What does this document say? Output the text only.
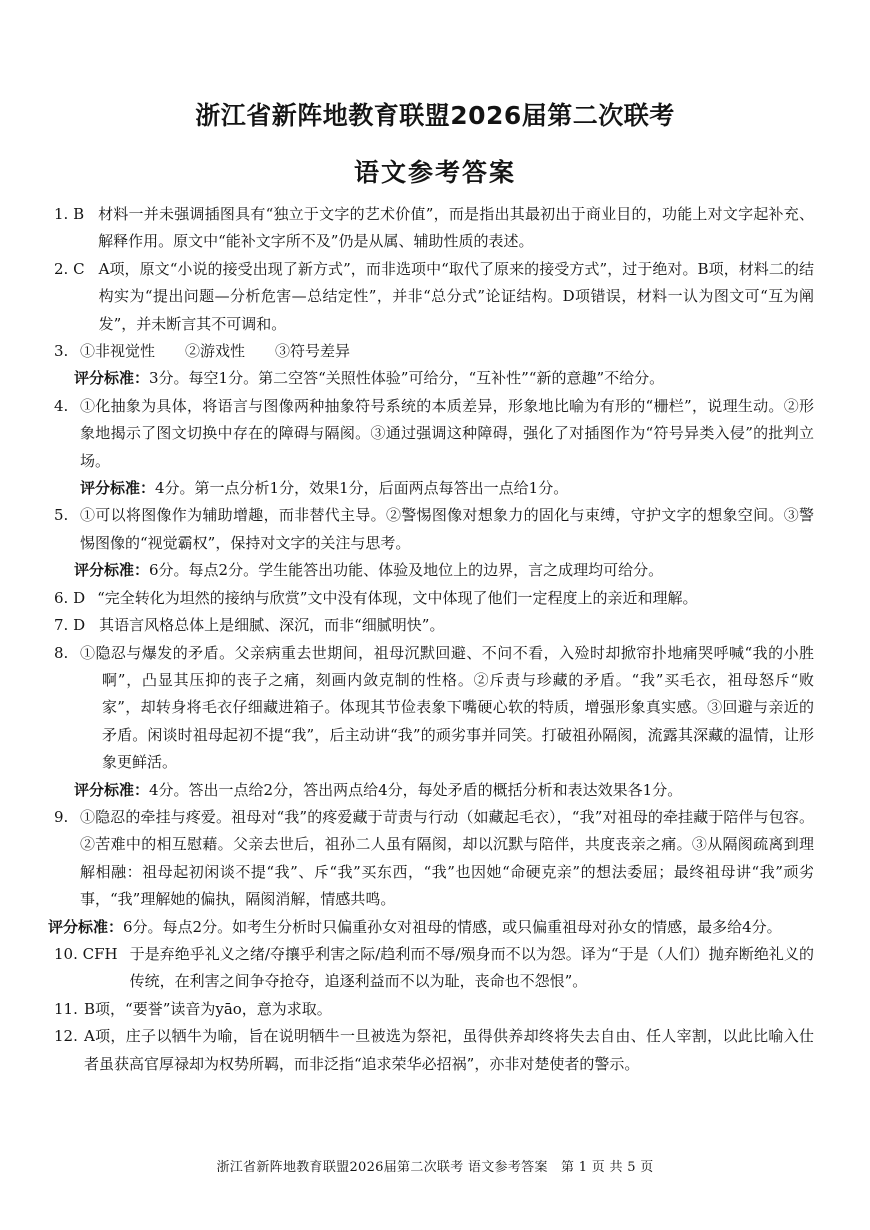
浙江省新阵地教育联盟2026届第二次联考
语文参考答案
1. B 材料一并未强调插图具有“独立于文字的艺术价值”，而是指出其最初出于商业目的，功能上对文字起补充、解释作用。原文中“能补文字所不及”仍是从属、辅助性质的表述。
2. C A项，原文“小说的接受出现了新方式”，而非选项中“取代了原来的接受方式”，过于绝对。B项，材料二的结构实为“提出问题—分析危害—总结定性”，并非“总分式”论证结构。D项错误，材料一认为图文可“互为阐发”，并未断言其不可调和。
3. ①非视觉性　　②游戏性　　③符号差异

评分标准：3分。每空1分。第二空答“关照性体验”可给分，“互补性”“新的意趣”不给分。

4. ①化抽象为具体，将语言与图像两种抽象符号系统的本质差异，形象地比喻为有形的“栅栏”，说理生动。②形象地揭示了图文切换中存在的障碍与隔阂。③通过强调这种障碍，强化了对插图作为“符号异类入侵”的批判立场。

评分标准：4分。第一点分析1分，效果1分，后面两点每答出一点给1分。

5. ①可以将图像作为辅助增趣，而非替代主导。②警惕图像对想象力的固化与束缚，守护文字的想象空间。③警惕图像的“视觉霸权”，保持对文字的关注与思考。

评分标准：6分。每点2分。学生能答出功能、体验及地位上的边界，言之成理均可给分。

6. D “完全转化为坦然的接纳与欣赏”文中没有体现，文中体现了他们一定程度上的亲近和理解。
7. D 其语言风格总体上是细腻、深沉，而非“细腻明快”。
8. ①隐忍与爆发的矛盾。父亲病重去世期间，祖母沉默回避、不问不看，入殓时却掀帘扑地痛哭呼喊“我的小胜啊”，凸显其压抑的丧子之痛，刻画内敛克制的性格。②斥责与珍藏的矛盾。“我”买毛衣，祖母怒斥“败家”，却转身将毛衣仔细藏进箱子。体现其节俭表象下嘴硬心软的特质，增强形象真实感。③回避与亲近的矛盾。闲谈时祖母起初不提“我”，后主动讲“我”的顽劣事并同笑。打破祖孙隔阂，流露其深藏的温情，让形象更鲜活。

评分标准：4分。答出一点给2分，答出两点给4分，每处矛盾的概括分析和表达效果各1分。

9. ①隐忍的牵挂与疼爱。祖母对“我”的疼爱藏于苛责与行动（如藏起毛衣），“我”对祖母的牵挂藏于陪伴与包容。②苦难中的相互慰藉。父亲去世后，祖孙二人虽有隔阂，却以沉默与陪伴，共度丧亲之痛。③从隔阂疏离到理解相融：祖母起初闲谈不提“我”、斥“我”买东西，“我”也因她“命硬克亲”的想法委屈；最终祖母讲“我”顽劣事，“我”理解她的偏执，隔阂消解，情感共鸣。

评分标准：6分。每点2分。如考生分析时只偏重孙女对祖母的情感，或只偏重祖母对孙女的情感，最多给4分。

10. CFH 于是弃绝乎礼义之绪/夺攘乎利害之际/趋利而不辱/殒身而不以为怨。译为“于是（人们）抛弃断绝礼义的传统，在利害之间争夺抢夺，追逐利益而不以为耻，丧命也不怨恨”。
11. B项，“要誉”读音为yāo，意为求取。
12. A项，庄子以牺牛为喻，旨在说明牺牛一旦被选为祭祀，虽得供养却终将失去自由、任人宰割，以此比喻入仕者虽获高官厚禄却为权势所羁，而非泛指“追求荣华必招祸”，亦非对楚使者的警示。
浙江省新阵地教育联盟2026届第二次联考 语文参考答案　第 1 页 共 5 页
